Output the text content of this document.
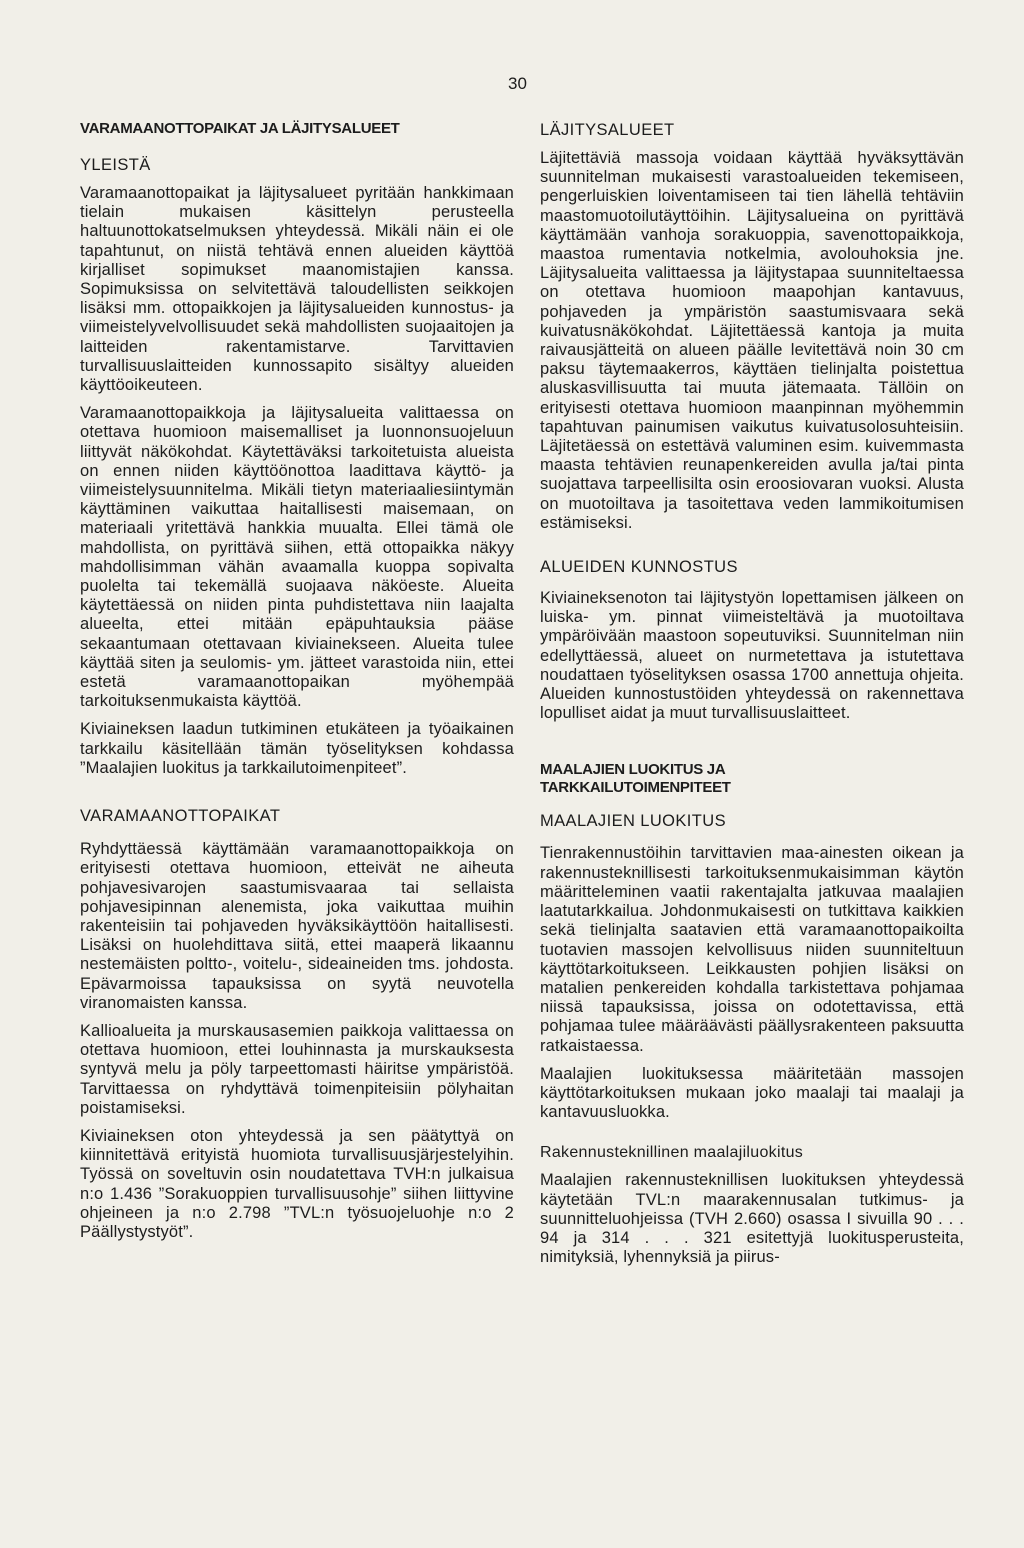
30

VARAMAANOTTOPAIKAT JA LÄJITYSALUEET
YLEISTÄ

Varamaanottopaikat ja läjitysalueet pyritään hankkimaan tielain mukaisen käsittelyn perusteella haltuunottokatselmuksen yhteydessä. Mikäli näin ei ole tapahtunut, on niistä tehtävä ennen alueiden käyttöä kirjalliset sopimukset maanomistajien kanssa. Sopimuksissa on selvitettävä taloudellisten seikkojen lisäksi mm. ottopaikkojen ja läjitysalueiden kunnostus- ja viimeistelyvelvollisuudet sekä mahdollisten suojaaitojen ja laitteiden rakentamistarve. Tarvittavien turvallisuuslaitteiden kunnossapito sisältyy alueiden käyttöoikeuteen.

Varamaanottopaikkoja ja läjitysalueita valittaessa on otettava huomioon maisemalliset ja luonnonsuojeluun liittyvät näkökohdat. Käytettäväksi tarkoitetuista alueista on ennen niiden käyttöönottoa laadittava käyttö- ja viimeistelysuunnitelma. Mikäli tietyn materiaaliesiintymän käyttäminen vaikuttaa haitallisesti maisemaan, on materiaali yritettävä hankkia muualta. Ellei tämä ole mahdollista, on pyrittävä siihen, että ottopaikka näkyy mahdollisimman vähän avaamalla kuoppa sopivalta puolelta tai tekemällä suojaava näköeste. Alueita käytettäessä on niiden pinta puhdistettava niin laajalta alueelta, ettei mitään epäpuhtauksia pääse sekaantumaan otettavaan kiviainekseen. Alueita tulee käyttää siten ja seulomis- ym. jätteet varastoida niin, ettei estetä varamaanottopaikan myöhempää tarkoituksenmukaista käyttöä.

Kiviaineksen laadun tutkiminen etukäteen ja työaikainen tarkkailu käsitellään tämän työselityksen kohdassa ”Maalajien luokitus ja tarkkailutoimenpiteet”.

VARAMAANOTTOPAIKAT

Ryhdyttäessä käyttämään varamaanottopaikkoja on erityisesti otettava huomioon, etteivät ne aiheuta pohjavesivarojen saastumisvaaraa tai sellaista pohjavesipinnan alenemista, joka vaikuttaa muihin rakenteisiin tai pohjaveden hyväksikäyttöön haitallisesti. Lisäksi on huolehdittava siitä, ettei maaperä likaannu nestemäisten poltto-, voitelu-, sideaineiden tms. johdosta. Epävarmoissa tapauksissa on syytä neuvotella viranomaisten kanssa.

Kallioalueita ja murskausasemien paikkoja valittaessa on otettava huomioon, ettei louhinnasta ja murskauksesta syntyvä melu ja pöly tarpeettomasti häiritse ympäristöä. Tarvittaessa on ryhdyttävä toimenpiteisiin pölyhaitan poistamiseksi.

Kiviaineksen oton yhteydessä ja sen päätyttyä on kiinnitettävä erityistä huomiota turvallisuusjärjestelyihin. Työssä on soveltuvin osin noudatettava TVH:n julkaisua n:o 1.436 ”Sorakuoppien turvallisuusohje” siihen liittyvine ohjeineen ja n:o 2.798 ”TVL:n työsuojeluohje n:o 2 Päällystystyöt”.

LÄJITYSALUEET

Läjitettäviä massoja voidaan käyttää hyväksyttävän suunnitelman mukaisesti varastoalueiden tekemiseen, pengerluiskien loiventamiseen tai tien lähellä tehtäviin maastomuotoilutäyttöihin. Läjitysalueina on pyrittävä käyttämään vanhoja sorakuoppia, savenottopaikkoja, maastoa rumentavia notkelmia, avolouhoksia jne. Läjitysalueita valittaessa ja läjitystapaa suunniteltaessa on otettava huomioon maapohjan kantavuus, pohjaveden ja ympäristön saastumisvaara sekä kuivatusnäkökohdat. Läjitettäessä kantoja ja muita raivausjätteitä on alueen päälle levitettävä noin 30 cm paksu täytemaakerros, käyttäen tielinjalta poistettua aluskasvillisuutta tai muuta jätemaata. Tällöin on erityisesti otettava huomioon maanpinnan myöhemmin tapahtuvan painumisen vaikutus kuivatusolosuhteisiin. Läjitetäessä on estettävä valuminen esim. kuivemmasta maasta tehtävien reunapenkereiden avulla ja/tai pinta suojattava tarpeellisilta osin eroosiovaran vuoksi. Alusta on muotoiltava ja tasoitettava veden lammikoitumisen estämiseksi.

ALUEIDEN KUNNOSTUS

Kiviaineksenoton tai läjitystyön lopettamisen jälkeen on luiska- ym. pinnat viimeisteltävä ja muotoiltava ympäröivään maastoon sopeutuviksi. Suunnitelman niin edellyttäessä, alueet on nurmetettava ja istutettava noudattaen työselityksen osassa 1700 annettuja ohjeita. Alueiden kunnostustöiden yhteydessä on rakennettava lopulliset aidat ja muut turvallisuuslaitteet.

MAALAJIEN LUOKITUS JA
TARKKAILUTOIMENPITEET
MAALAJIEN LUOKITUS

Tienrakennustöihin tarvittavien maa-ainesten oikean ja rakennusteknillisesti tarkoituksenmukaisimman käytön määritteleminen vaatii rakentajalta jatkuvaa maalajien laatutarkkailua. Johdonmukaisesti on tutkittava kaikkien sekä tielinjalta saatavien että varamaanottopaikoilta tuotavien massojen kelvollisuus niiden suunniteltuun käyttötarkoitukseen. Leikkausten pohjien lisäksi on matalien penkereiden kohdalla tarkistettava pohjamaa niissä tapauksissa, joissa on odotettavissa, että pohjamaa tulee määräävästi päällysrakenteen paksuutta ratkaistaessa.

Maalajien luokituksessa määritetään massojen käyttötarkoituksen mukaan joko maalaji tai maalaji ja kantavuusluokka.

Rakennusteknillinen maalajiluokitus

Maalajien rakennusteknillisen luokituksen yhteydessä käytetään TVL:n maarakennusalan tutkimus- ja suunnitteluohjeissa (TVH 2.660) osassa I sivuilla 90 . . . 94 ja 314 . . . 321 esitettyjä luokitusperusteita, nimityksiä, lyhennyksiä ja piirus-
